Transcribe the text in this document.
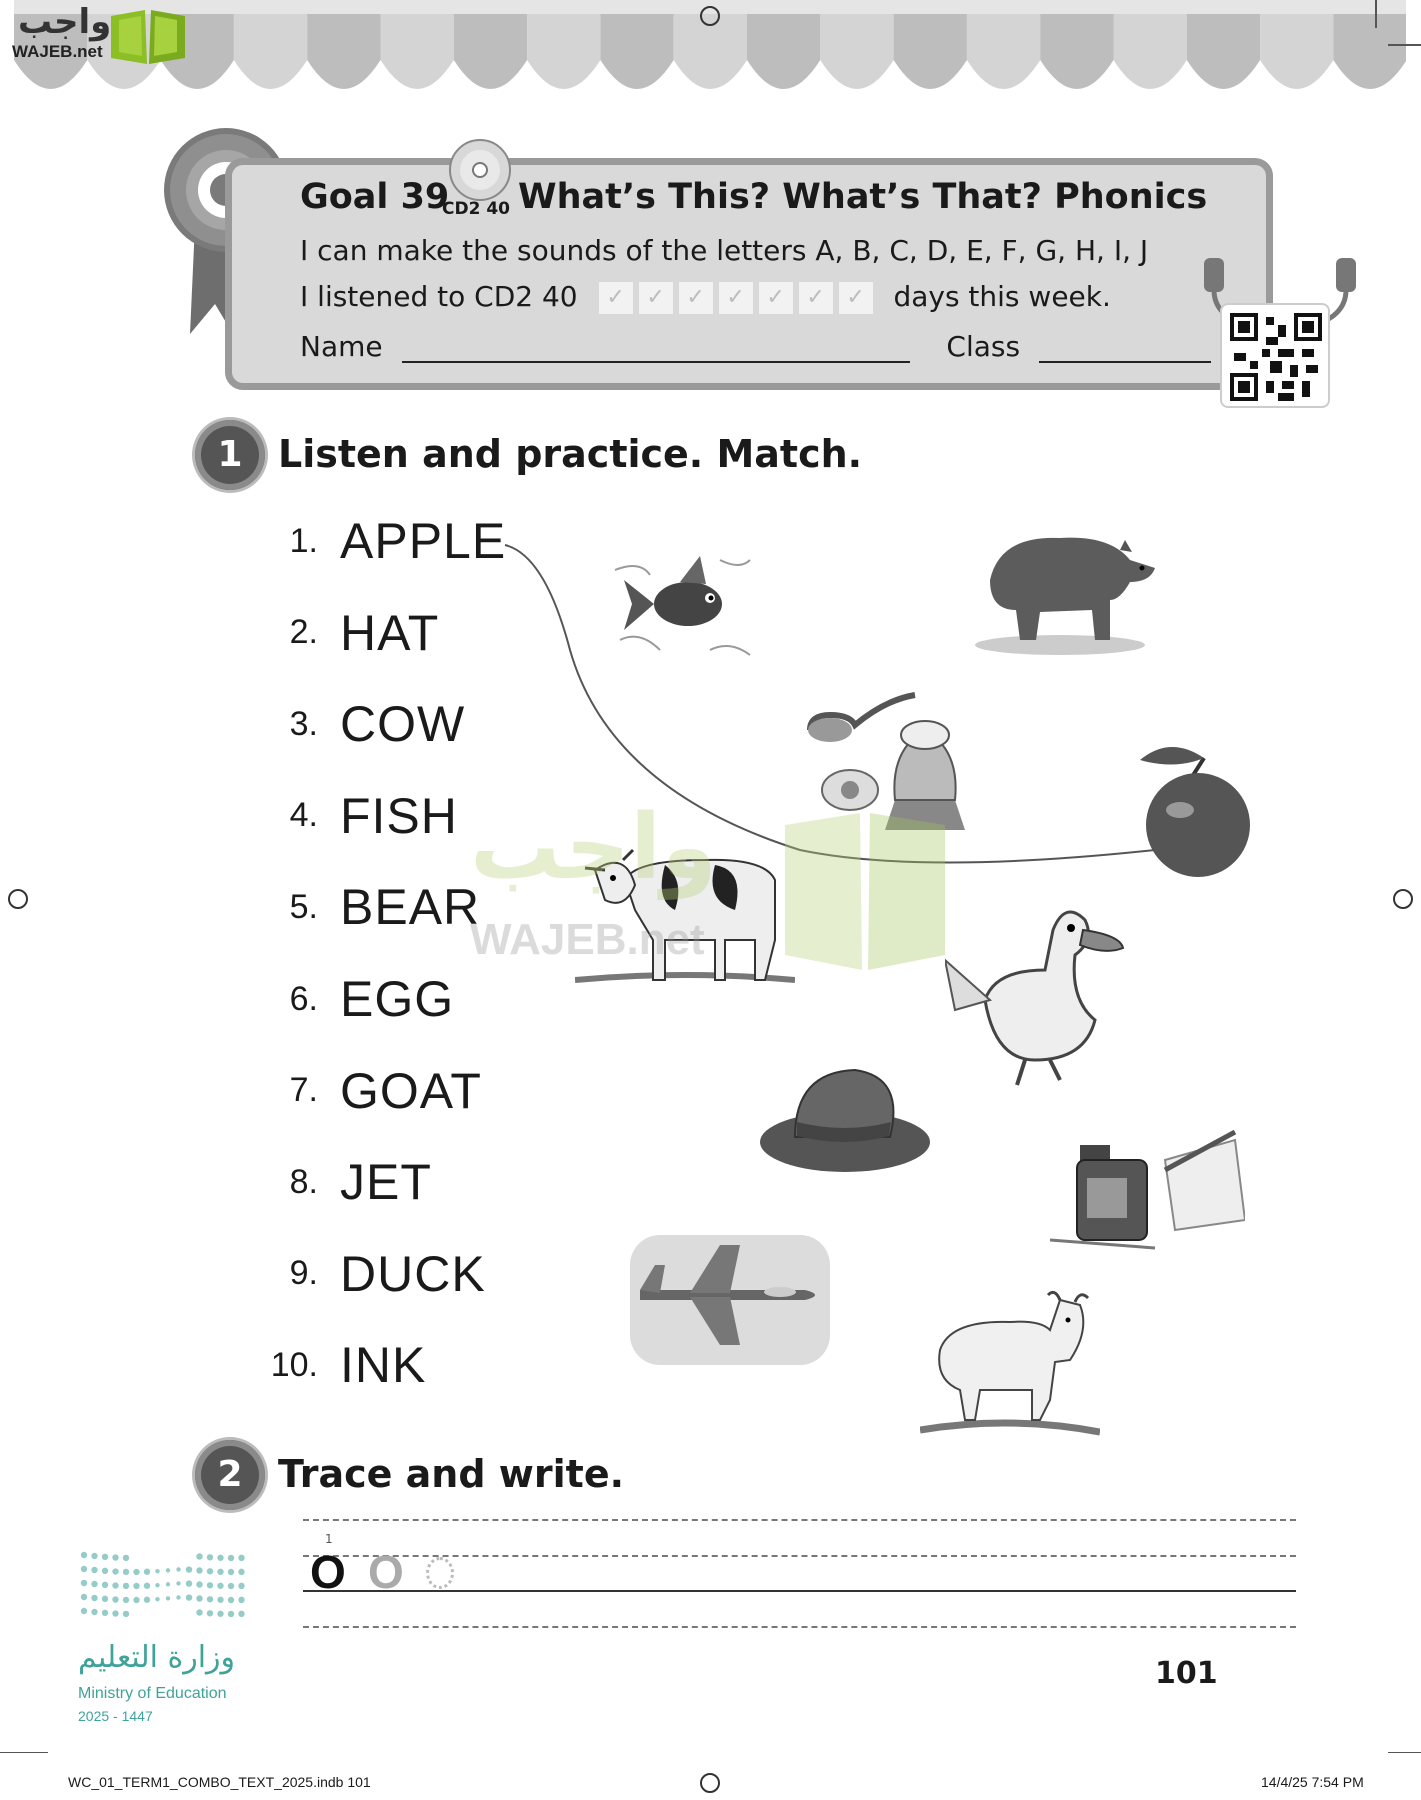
واجب
WAJEB.net
Goal 39
CD2 40 What’s This? What’s That? Phonics
I can make the sounds of the letters A, B, C, D, E, F, G, H, I, J
I listened to CD2 40 ✓ ✓ ✓ ✓ ✓ ✓ ✓ days this week.
Name	Class
1 Listen and practice. Match.
1. APPLE
2. HAT
3. COW
4. FISH
5. BEAR
6. EGG
7. GOAT
8. JET
9. DUCK
10. INK
واجب
WAJEB.net
2 Trace and write.
1
O O
وزارة التعليم
Ministry of Education
2025 - 1447
101
WC_01_TERM1_COMBO_TEXT_2025.indb 101	14/4/25 7:54 PM
